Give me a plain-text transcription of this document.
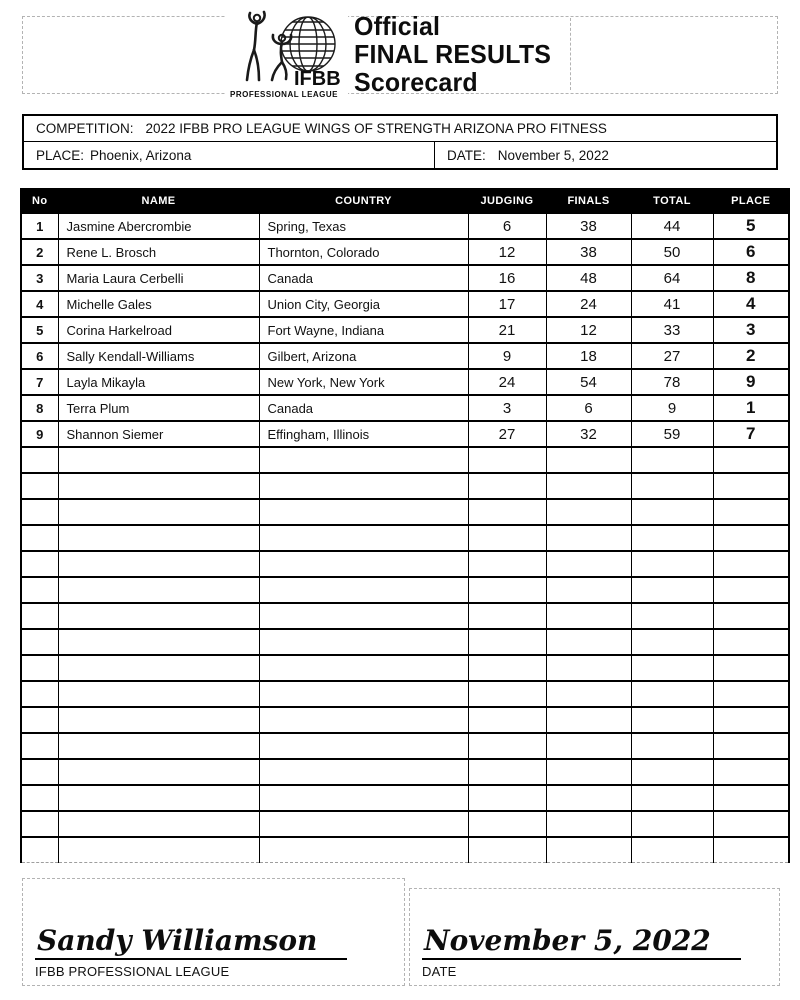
IFBB
PROFESSIONAL LEAGUE
Official
FINAL RESULTS
Scorecard
COMPETITION: 2022 IFBB PRO LEAGUE WINGS OF STRENGTH ARIZONA PRO FITNESS
PLACE: Phoenix, Arizona	DATE: November 5, 2022
No	NAME	COUNTRY	JUDGING	FINALS	TOTAL	PLACE
1	Jasmine Abercrombie	Spring, Texas	6	38	44	5
2	Rene L. Brosch	Thornton, Colorado	12	38	50	6
3	Maria Laura Cerbelli	Canada	16	48	64	8
4	Michelle Gales	Union City, Georgia	17	24	41	4
5	Corina Harkelroad	Fort Wayne, Indiana	21	12	33	3
6	Sally Kendall-Williams	Gilbert, Arizona	9	18	27	2
7	Layla Mikayla	New York, New York	24	54	78	9
8	Terra Plum	Canada	3	6	9	1
9	Shannon Siemer	Effingham, Illinois	27	32	59	7

Sandy Williamson
IFBB PROFESSIONAL LEAGUE
November 5, 2022
DATE
